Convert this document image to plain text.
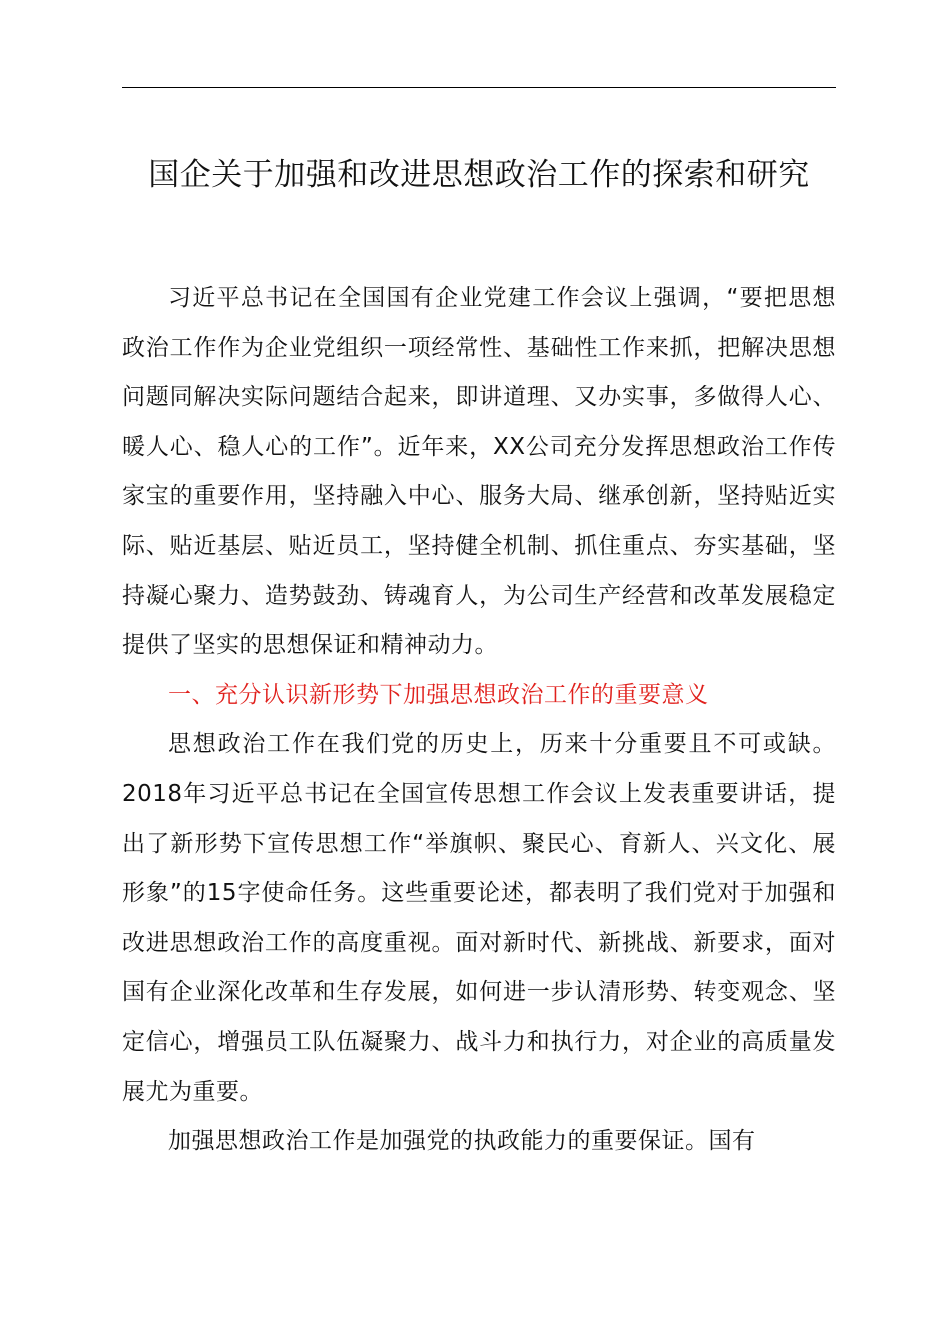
国企关于加强和改进思想政治工作的探索和研究

习近平总书记在全国国有企业党建工作会议上强调，“要把思想政治工作作为企业党组织一项经常性、基础性工作来抓，把解决思想问题同解决实际问题结合起来，即讲道理、又办实事，多做得人心、暖人心、稳人心的工作”。近年来，XX公司充分发挥思想政治工作传家宝的重要作用，坚持融入中心、服务大局、继承创新，坚持贴近实际、贴近基层、贴近员工，坚持健全机制、抓住重点、夯实基础，坚持凝心聚力、造势鼓劲、铸魂育人，为公司生产经营和改革发展稳定提供了坚实的思想保证和精神动力。

一、充分认识新形势下加强思想政治工作的重要意义

思想政治工作在我们党的历史上，历来十分重要且不可或缺。2018年习近平总书记在全国宣传思想工作会议上发表重要讲话，提出了新形势下宣传思想工作“举旗帜、聚民心、育新人、兴文化、展形象”的15字使命任务。这些重要论述，都表明了我们党对于加强和改进思想政治工作的高度重视。面对新时代、新挑战、新要求，面对国有企业深化改革和生存发展，如何进一步认清形势、转变观念、坚定信心，增强员工队伍凝聚力、战斗力和执行力，对企业的高质量发展尤为重要。

加强思想政治工作是加强党的执政能力的重要保证。国有
